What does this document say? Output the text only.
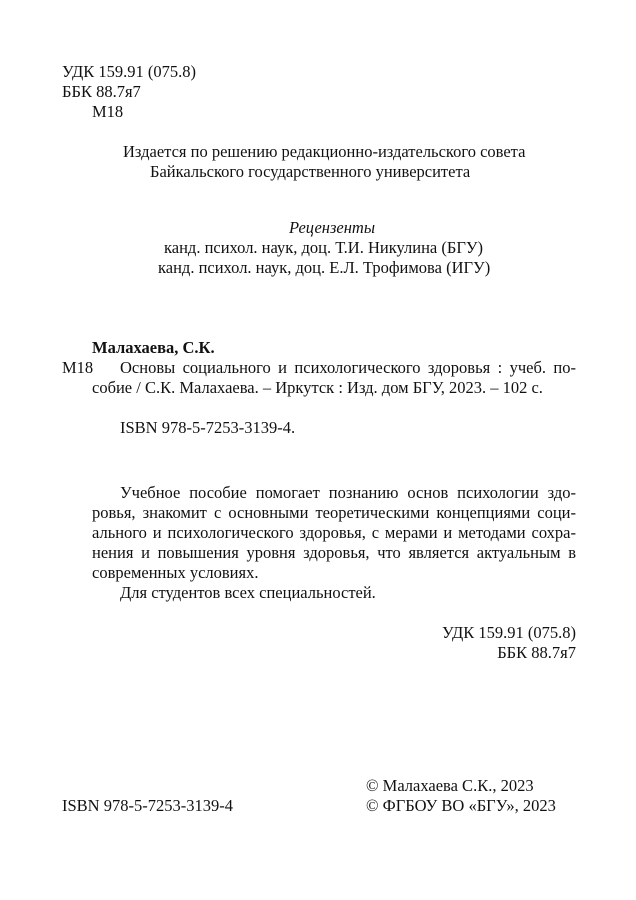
УДК 159.91 (075.8)
ББК 88.7я7
М18
Издается по решению редакционно-издательского совета
Байкальского государственного университета
Рецензенты
канд. психол. наук, доц. Т.И. Никулина (БГУ)
канд. психол. наук, доц. Е.Л. Трофимова (ИГУ)
Малахаева, С.К.
М18 Основы социального и психологического здоровья : учеб. по-
собие / С.К. Малахаева. – Иркутск : Изд. дом БГУ, 2023. – 102 с.
ISBN 978-5-7253-3139-4.
Учебное пособие помогает познанию основ психологии здо-
ровья, знакомит с основными теоретическими концепциями соци-
ального и психологического здоровья, с мерами и методами сохра-
нения и повышения уровня здоровья, что является актуальным в
современных условиях.
Для студентов всех специальностей.
УДК 159.91 (075.8)
ББК 88.7я7
© Малахаева С.К., 2023
ISBN 978-5-7253-3139-4	© ФГБОУ ВО «БГУ», 2023
